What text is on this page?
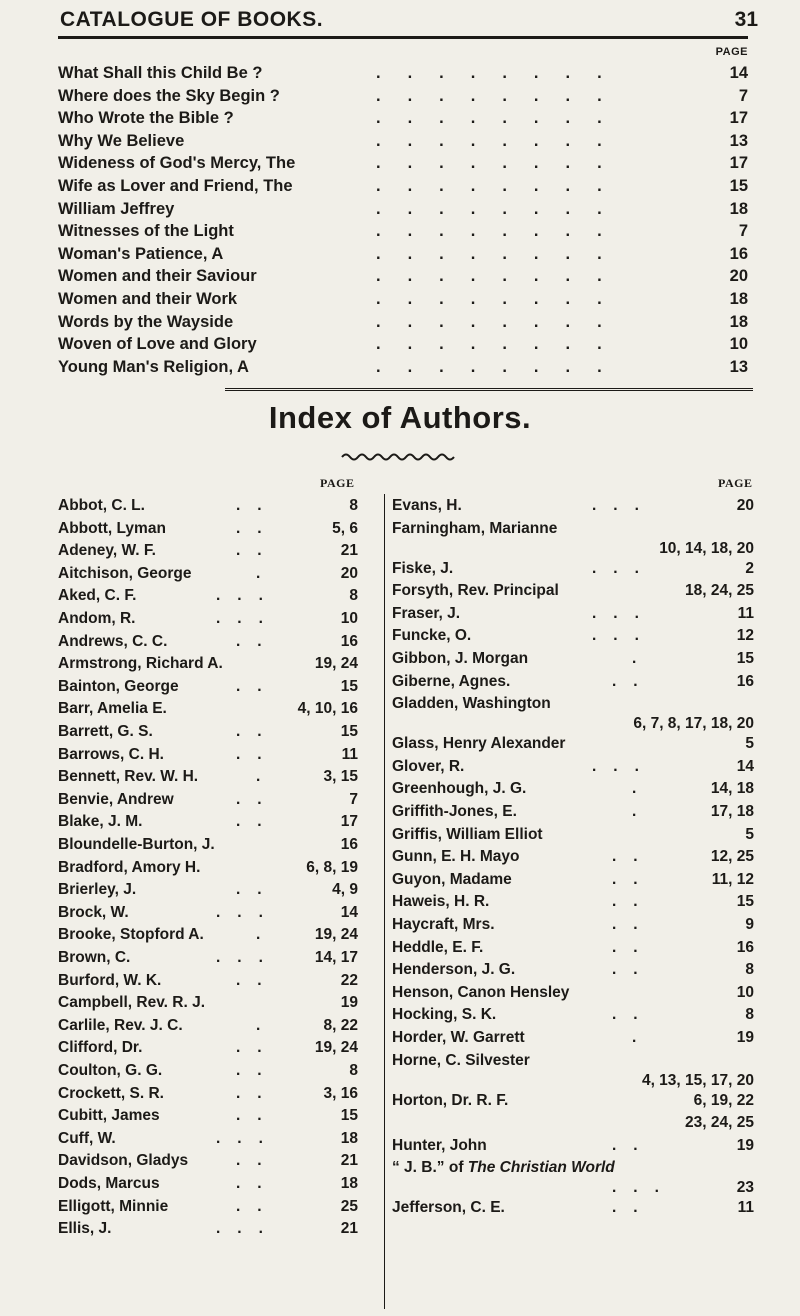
CATALOGUE OF BOOKS.	31
PAGE
What Shall this Child Be ?	........	14
Where does the Sky Begin ?	........	7
Who Wrote the Bible ?	........	17
Why We Believe	........	13
Wideness of God's Mercy, The	........	17
Wife as Lover and Friend, The	........	15
William Jeffrey	........	18
Witnesses of the Light	........	7
Woman's Patience, A	........	16
Women and their Saviour	........	20
Women and their Work	........	18
Words by the Wayside	........	18
Woven of Love and Glory	........	10
Young Man's Religion, A	........	13
Index of Authors.
PAGE
Abbot, C. L.	..	8
Abbott, Lyman	..	5, 6
Adeney, W. F.	..	21
Aitchison, George	.	20
Aked, C. F.	...	8
Andom, R.	...	10
Andrews, C. C.	..	16
Armstrong, Richard A.	19, 24
Bainton, George	..	15
Barr, Amelia E.	4, 10, 16
Barrett, G. S.	..	15
Barrows, C. H.	..	11
Bennett, Rev. W. H.	.	3, 15
Benvie, Andrew	..	7
Blake, J. M.	..	17
Bloundelle-Burton, J.	16
Bradford, Amory H.	6, 8, 19
Brierley, J.	..	4, 9
Brock, W.	...	14
Brooke, Stopford A.	. 19, 24
Brown, C.	... 14, 17
Burford, W. K.	..	22
Campbell, Rev. R. J.	19
Carlile, Rev. J. C.	.	8, 22
Clifford, Dr.	.. 19, 24
Coulton, G. G.	..	8
Crockett, S. R.	..	3, 16
Cubitt, James	..	15
Cuff, W.	...	18
Davidson, Gladys	..	21
Dods, Marcus	..	18
Elligott, Minnie	..	25
Ellis, J.	...	21
PAGE
Evans, H.	...	20
Farningham, Marianne
10, 14, 18, 20
Fiske, J.	...	2
Forsyth, Rev. Principal	18, 24, 25
Fraser, J.	...	11
Funcke, O.	...	12
Gibbon, J. Morgan	.	15
Giberne, Agnes.	..	16
Gladden, Washington
6, 7, 8, 17, 18, 20
Glass, Henry Alexander	5
Glover, R.	...	14
Greenhough, J. G.	.	14, 18
Griffith-Jones, E.	.	17, 18
Griffis, William Elliot	5
Gunn, E. H. Mayo	..	12, 25
Guyon, Madame	..	11, 12
Haweis, H. R.	..	15
Haycraft, Mrs.	..	9
Heddle, E. F.	..	16
Henderson, J. G.	..	8
Henson, Canon Hensley	10
Hocking, S. K.	..	8
Horder, W. Garrett	.	19
Horne, C. Silvester
4, 13, 15, 17, 20
Horton, Dr. R. F.	6, 19, 22
23, 24, 25
Hunter, John	..	19
“ J. B.” of The Christian World
...	23
Jefferson, C. E.	..	11
